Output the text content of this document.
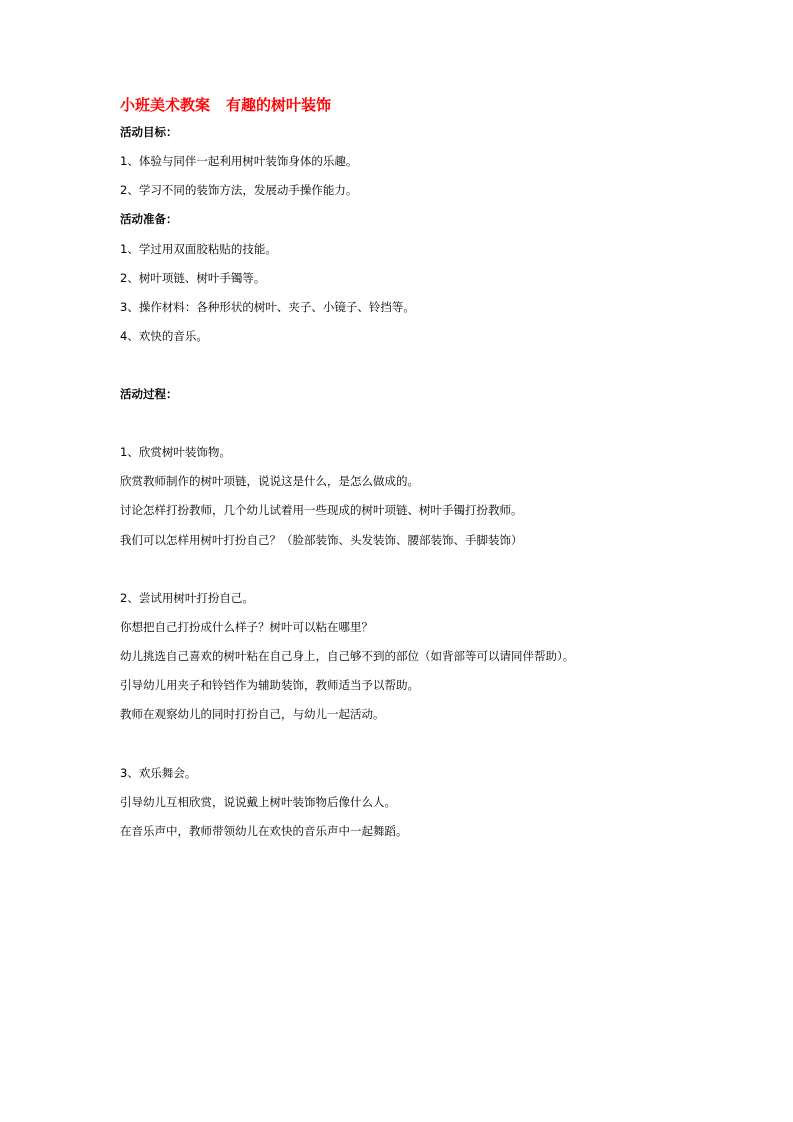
小班美术教案 有趣的树叶装饰
活动目标：
1、体验与同伴一起利用树叶装饰身体的乐趣。
2、学习不同的装饰方法，发展动手操作能力。
活动准备：
1、学过用双面胶粘贴的技能。
2、树叶项链、树叶手镯等。
3、操作材料：各种形状的树叶、夹子、小镜子、铃挡等。
4、欢快的音乐。
活动过程：
1、欣赏树叶装饰物。
欣赏教师制作的树叶项链，说说这是什么，是怎么做成的。
讨论怎样打扮教师，几个幼儿试着用一些现成的树叶项链、树叶手镯打扮教师。
我们可以怎样用树叶打扮自己？（脸部装饰、头发装饰、腰部装饰、手脚装饰）
2、尝试用树叶打扮自己。
你想把自己打扮成什么样子？树叶可以粘在哪里？
幼儿挑选自己喜欢的树叶粘在自己身上，自己够不到的部位（如背部等可以请同伴帮助）。
引导幼儿用夹子和铃铛作为辅助装饰，教师适当予以帮助。
教师在观察幼儿的同时打扮自己，与幼儿一起活动。
3、欢乐舞会。
引导幼儿互相欣赏，说说戴上树叶装饰物后像什么人。
在音乐声中，教师带领幼儿在欢快的音乐声中一起舞蹈。
